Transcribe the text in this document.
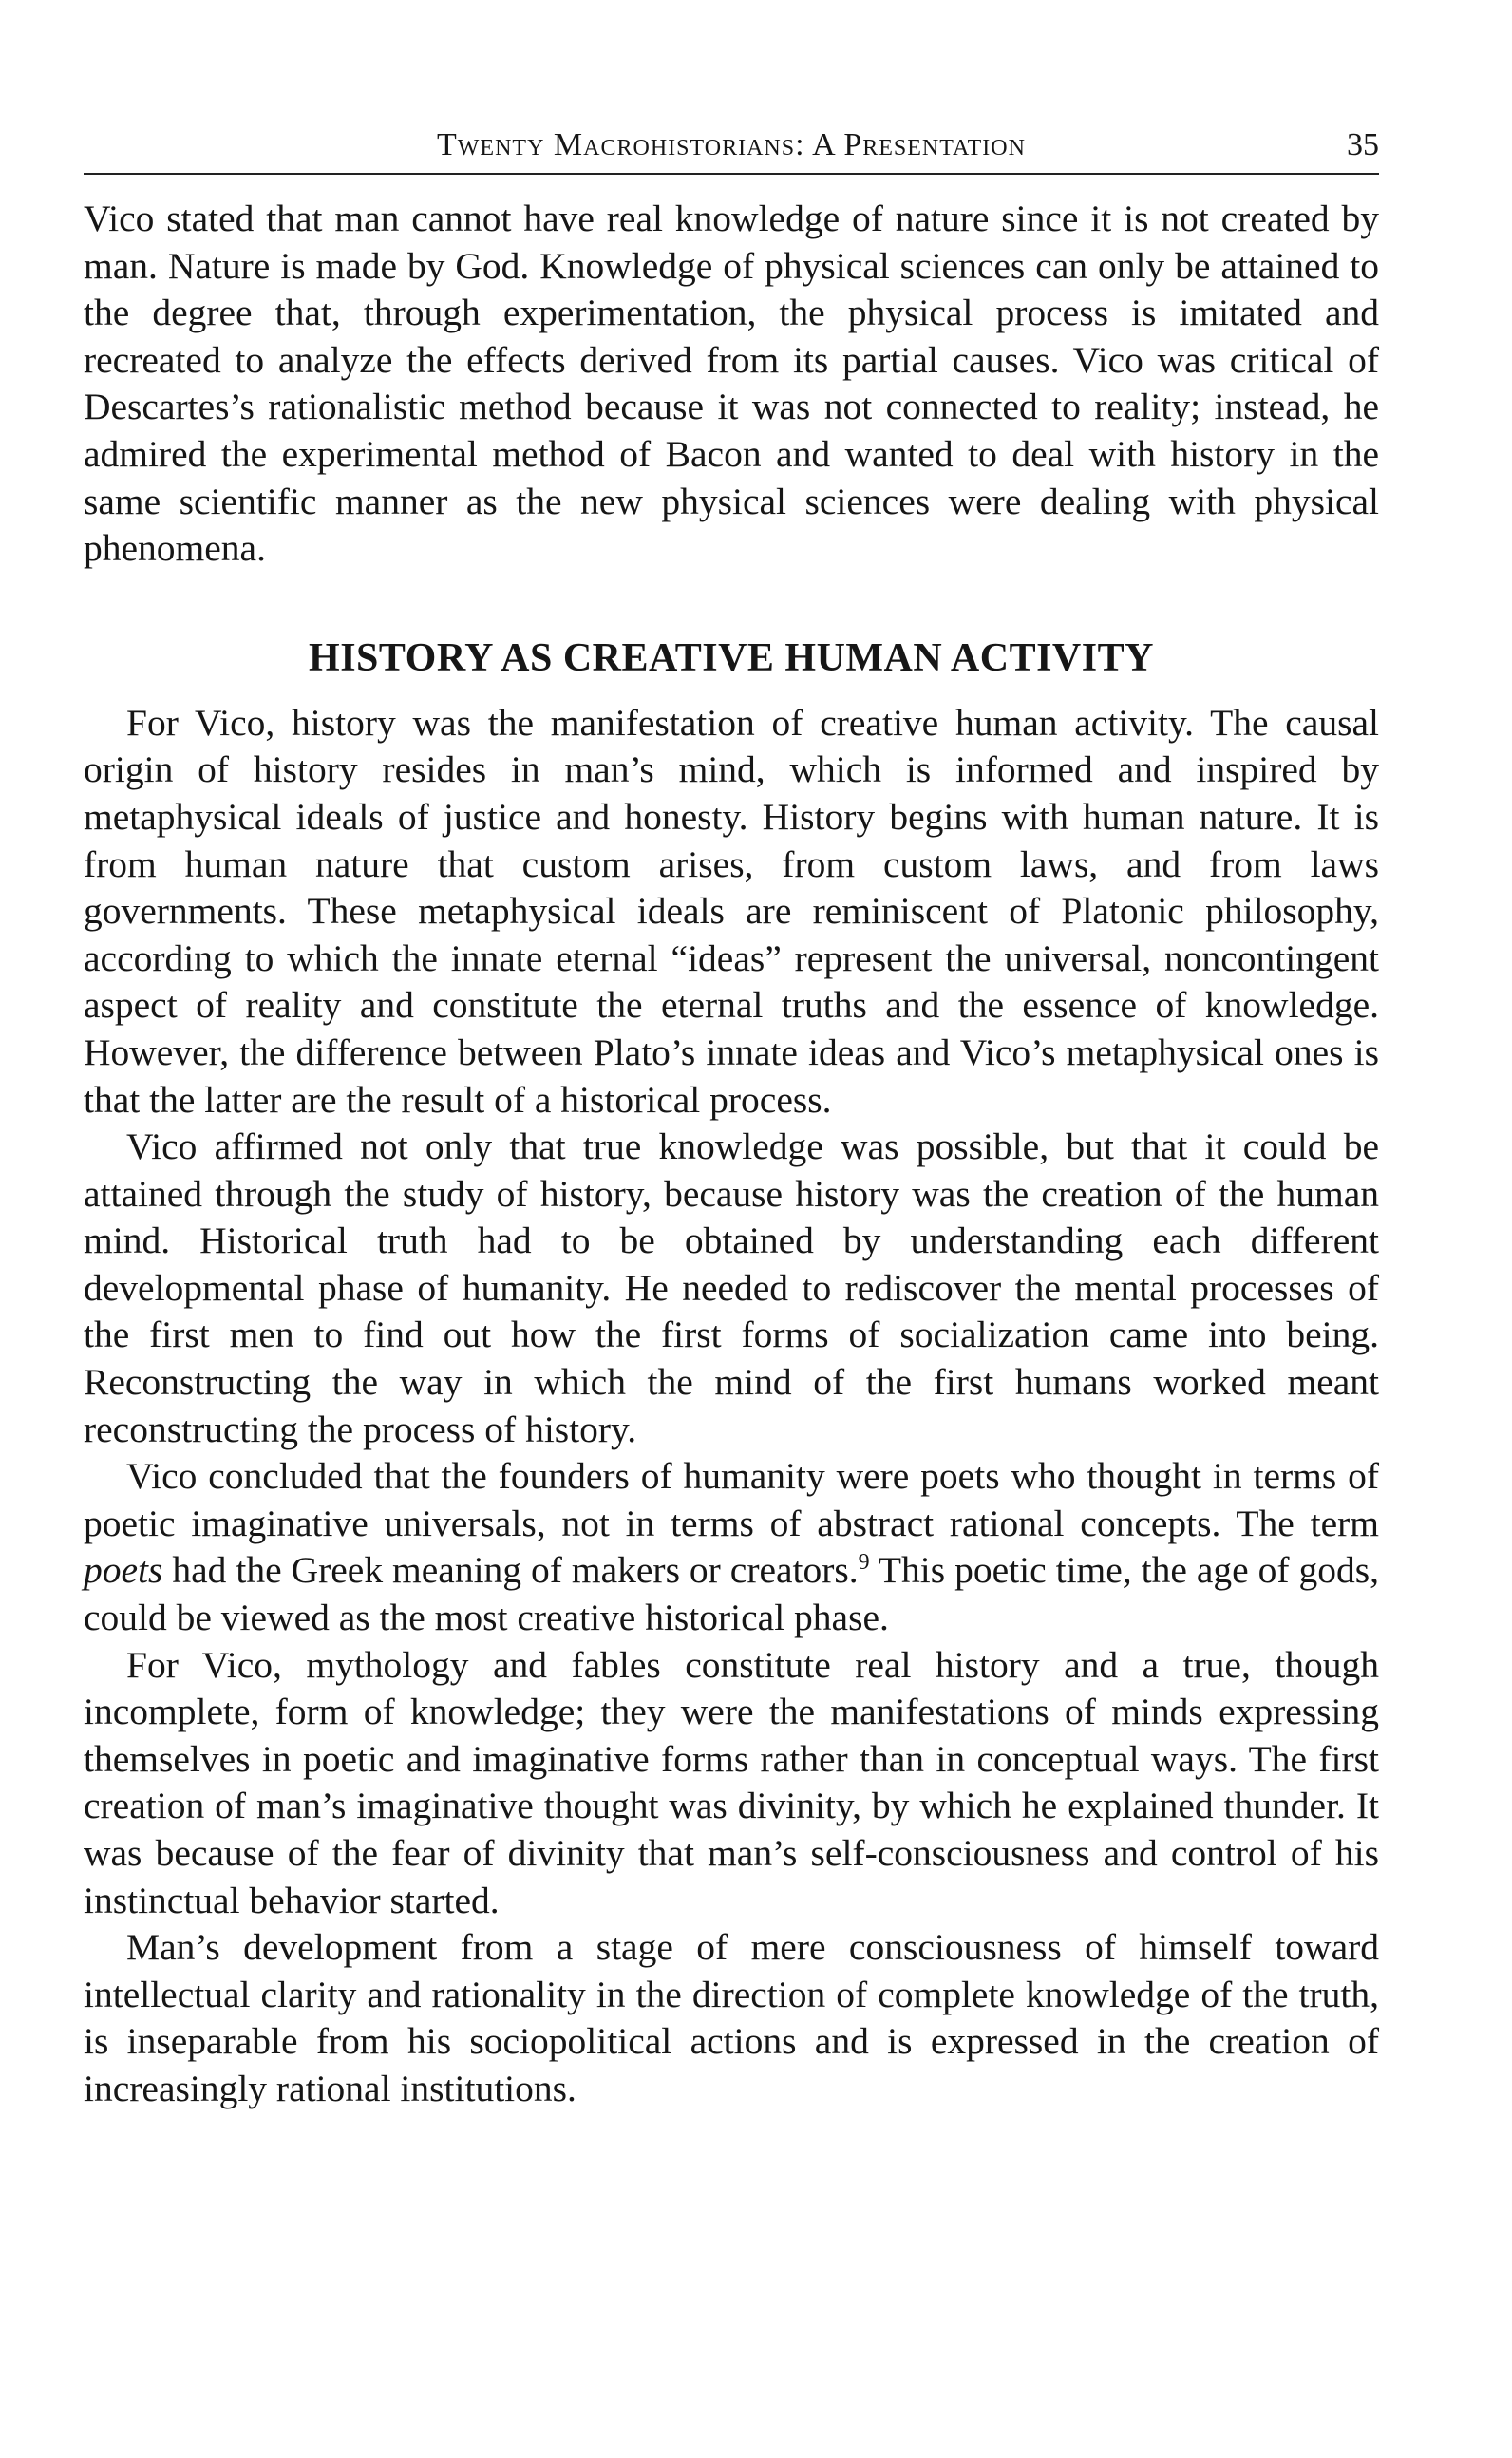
Twenty Macrohistorians: A Presentation	35

Vico stated that man cannot have real knowledge of nature since it is not created by man. Nature is made by God. Knowledge of physical sciences can only be attained to the degree that, through experimentation, the physical process is imitated and recreated to analyze the effects derived from its partial causes. Vico was critical of Descartes’s rationalistic method because it was not connected to reality; instead, he admired the experimental method of Bacon and wanted to deal with history in the same scientific manner as the new physical sciences were dealing with physical phenomena.

HISTORY AS CREATIVE HUMAN ACTIVITY

For Vico, history was the manifestation of creative human activity. The causal origin of history resides in man’s mind, which is informed and inspired by metaphysical ideals of justice and honesty. History begins with human nature. It is from human nature that custom arises, from custom laws, and from laws governments. These metaphysical ideals are reminiscent of Platonic philosophy, according to which the innate eternal “ideas” represent the universal, noncontingent aspect of reality and constitute the eternal truths and the essence of knowledge. However, the difference between Plato’s innate ideas and Vico’s metaphysical ones is that the latter are the result of a historical process.

Vico affirmed not only that true knowledge was possible, but that it could be attained through the study of history, because history was the creation of the human mind. Historical truth had to be obtained by understanding each different developmental phase of humanity. He needed to rediscover the mental processes of the first men to find out how the first forms of socialization came into being. Reconstructing the way in which the mind of the first humans worked meant reconstructing the process of history.

Vico concluded that the founders of humanity were poets who thought in terms of poetic imaginative universals, not in terms of abstract rational concepts. The term poets had the Greek meaning of makers or creators.$^9$ This poetic time, the age of gods, could be viewed as the most creative historical phase.

For Vico, mythology and fables constitute real history and a true, though incomplete, form of knowledge; they were the manifestations of minds expressing themselves in poetic and imaginative forms rather than in conceptual ways. The first creation of man’s imaginative thought was divinity, by which he explained thunder. It was because of the fear of divinity that man’s self-consciousness and control of his instinctual behavior started.

Man’s development from a stage of mere consciousness of himself toward intellectual clarity and rationality in the direction of complete knowledge of the truth, is inseparable from his sociopolitical actions and is expressed in the creation of increasingly rational institutions.
